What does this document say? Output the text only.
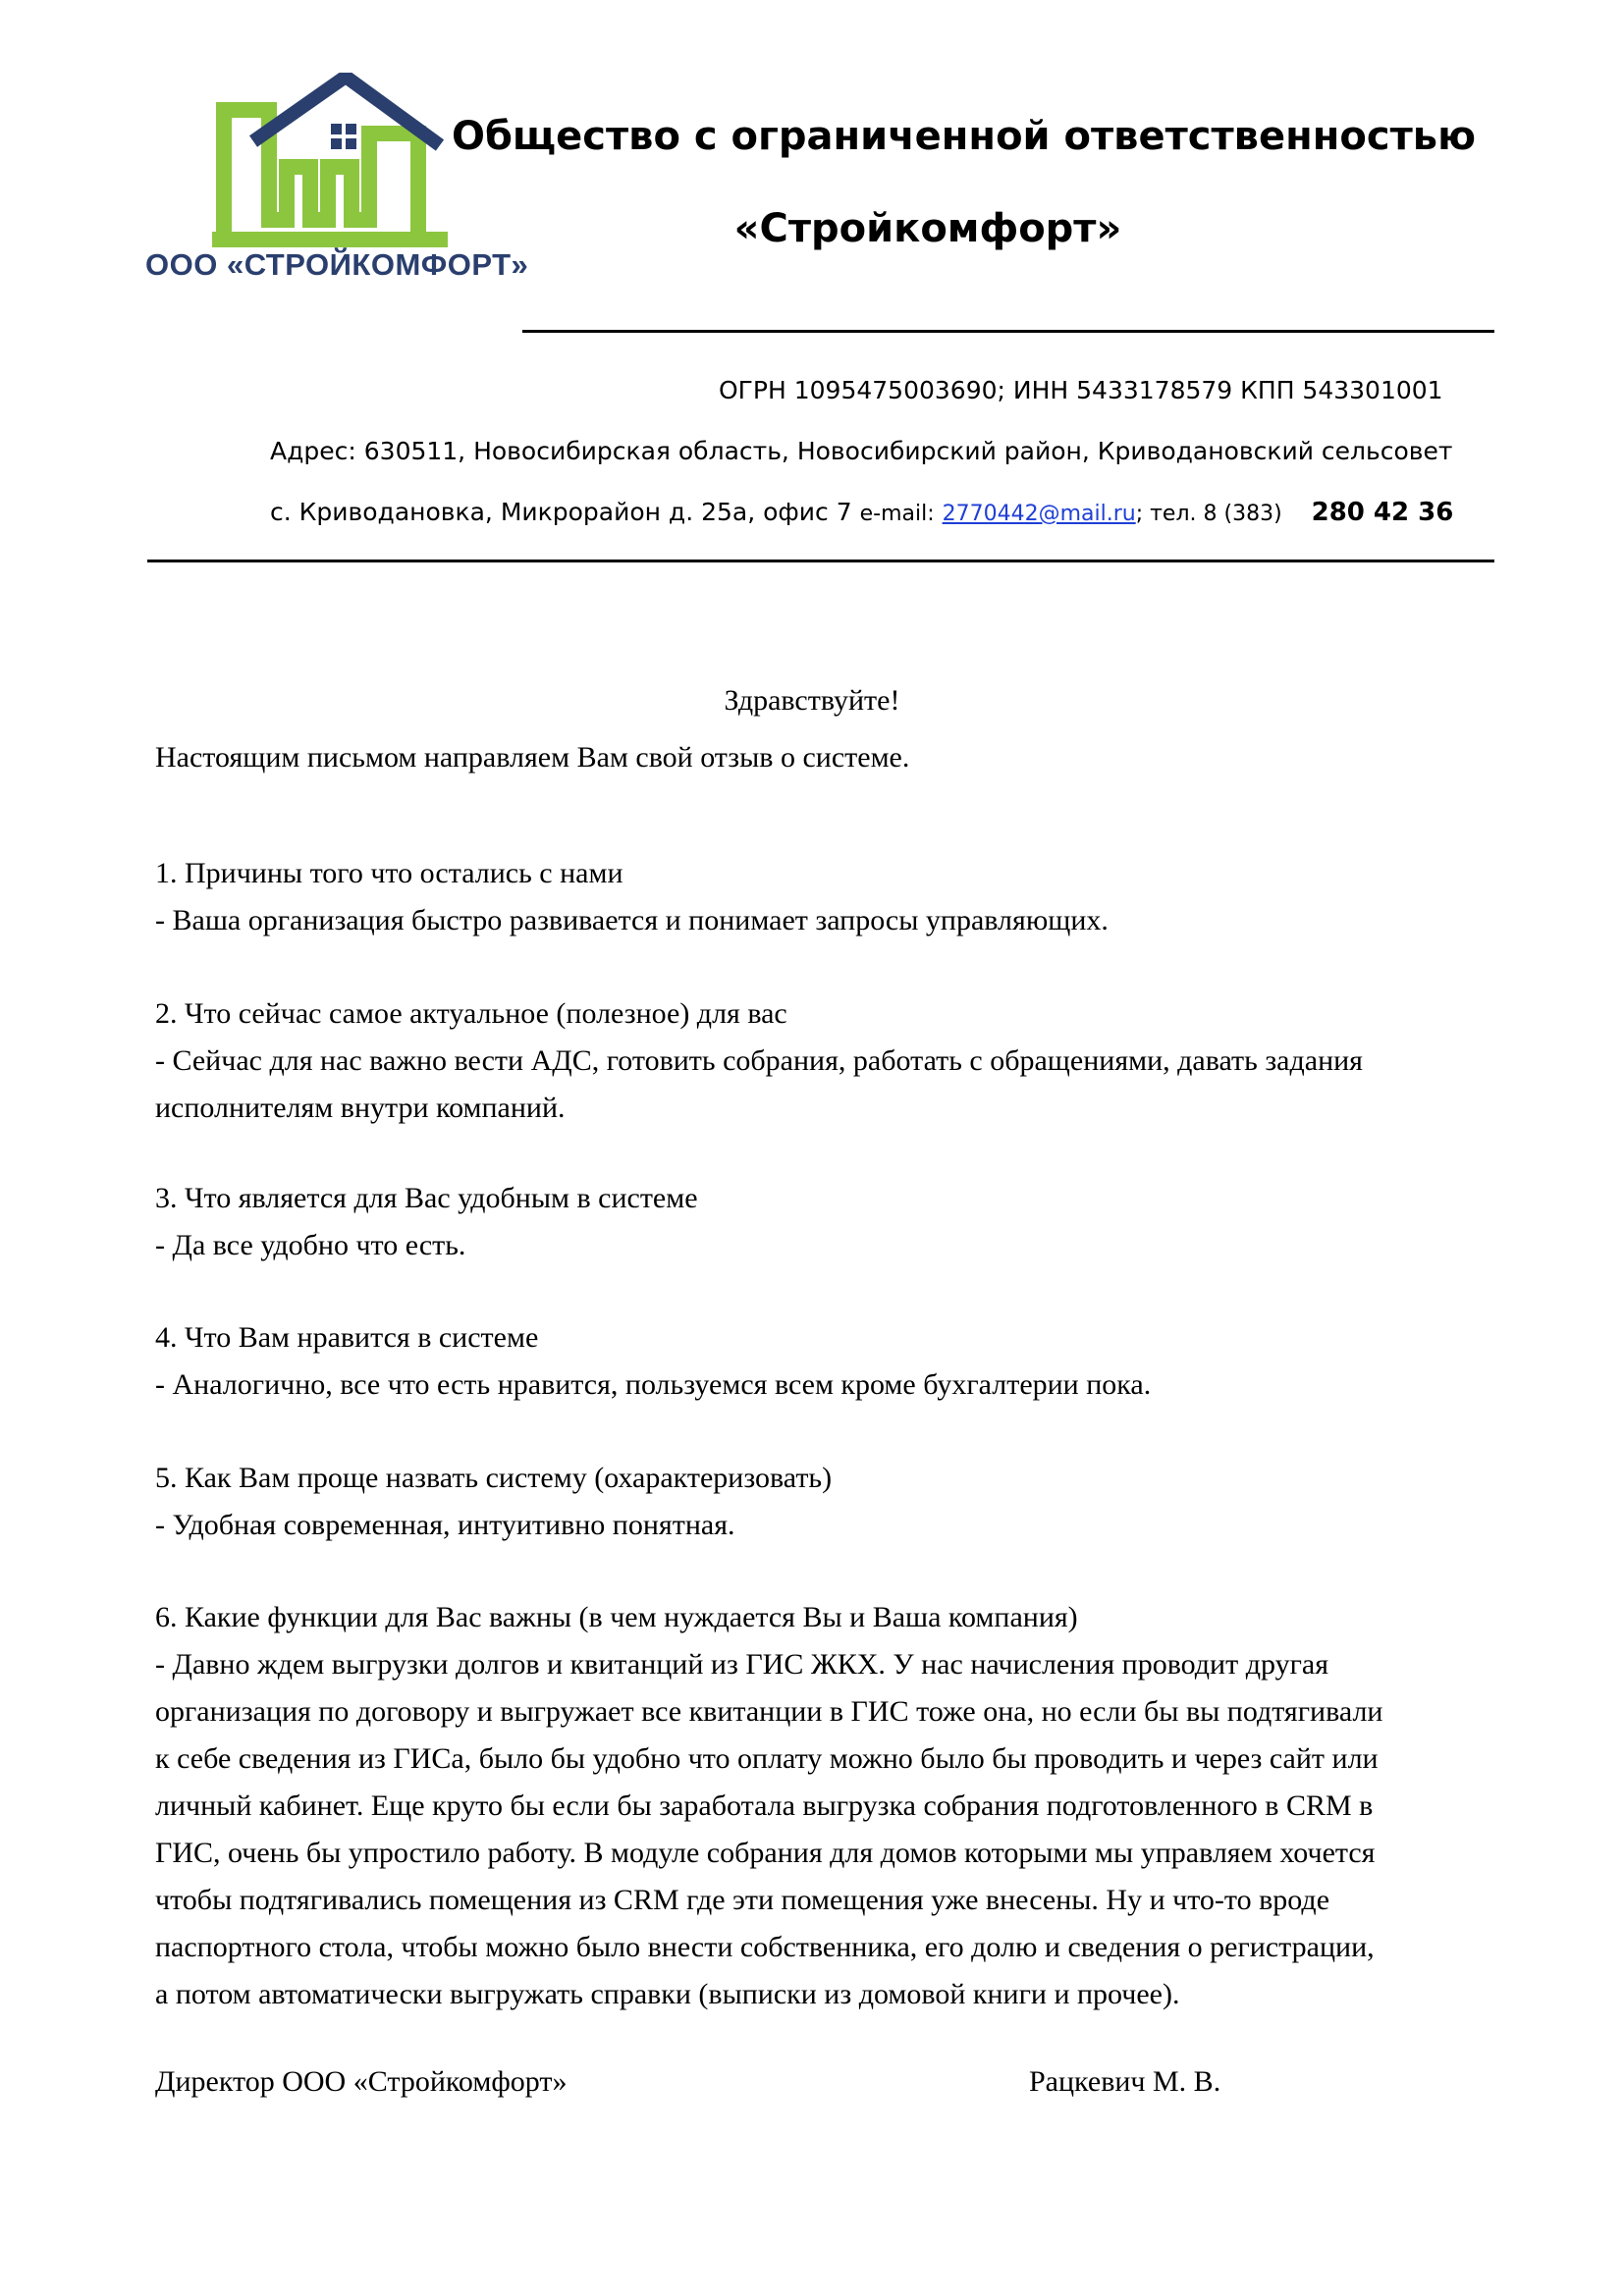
ООО «СТРОЙКОМФОРТ»
Общество с ограниченной ответственностью
«Стройкомфорт»
ОГРН 1095475003690; ИНН 5433178579 КПП 543301001
Адрес: 630511, Новосибирская область, Новосибирский район, Криводановский сельсовет
с. Криводановка, Микрорайон д. 25а, офис 7 e-mail: 2770442@mail.ru; тел. 8 (383) 280 42 36
Здравствуйте!

Настоящим письмом направляем Вам свой отзыв о системе.

1. Причины того что остались с нами

- Ваша организация быстро развивается и понимает запросы управляющих.

2. Что сейчас самое актуальное (полезное) для вас

- Сейчас для нас важно вести АДС, готовить собрания, работать с обращениями, давать задания

исполнителям внутри компаний.

3. Что является для Вас удобным в системе

- Да все удобно что есть.

4. Что Вам нравится в системе

- Аналогично, все что есть нравится, пользуемся всем кроме бухгалтерии пока.

5. Как Вам проще назвать систему (охарактеризовать)

- Удобная современная, интуитивно понятная.

6. Какие функции для Вас важны (в чем нуждается Вы и Ваша компания)

- Давно ждем выгрузки долгов и квитанций из ГИС ЖКХ. У нас начисления проводит другая

организация по договору и выгружает все квитанции в ГИС тоже она, но если бы вы подтягивали

к себе сведения из ГИСа, было бы удобно что оплату можно было бы проводить и через сайт или

личный кабинет. Еще круто бы если бы заработала выгрузка собрания подготовленного в CRM в

ГИС, очень бы упростило работу. В модуле собрания для домов которыми мы управляем хочется

чтобы подтягивались помещения из CRM где эти помещения уже внесены. Ну и что-то вроде

паспортного стола, чтобы можно было внести собственника, его долю и сведения о регистрации,

а потом автоматически выгружать справки (выписки из домовой книги и прочее).

Директор ООО «Стройкомфорт»	Рацкевич М. В.
